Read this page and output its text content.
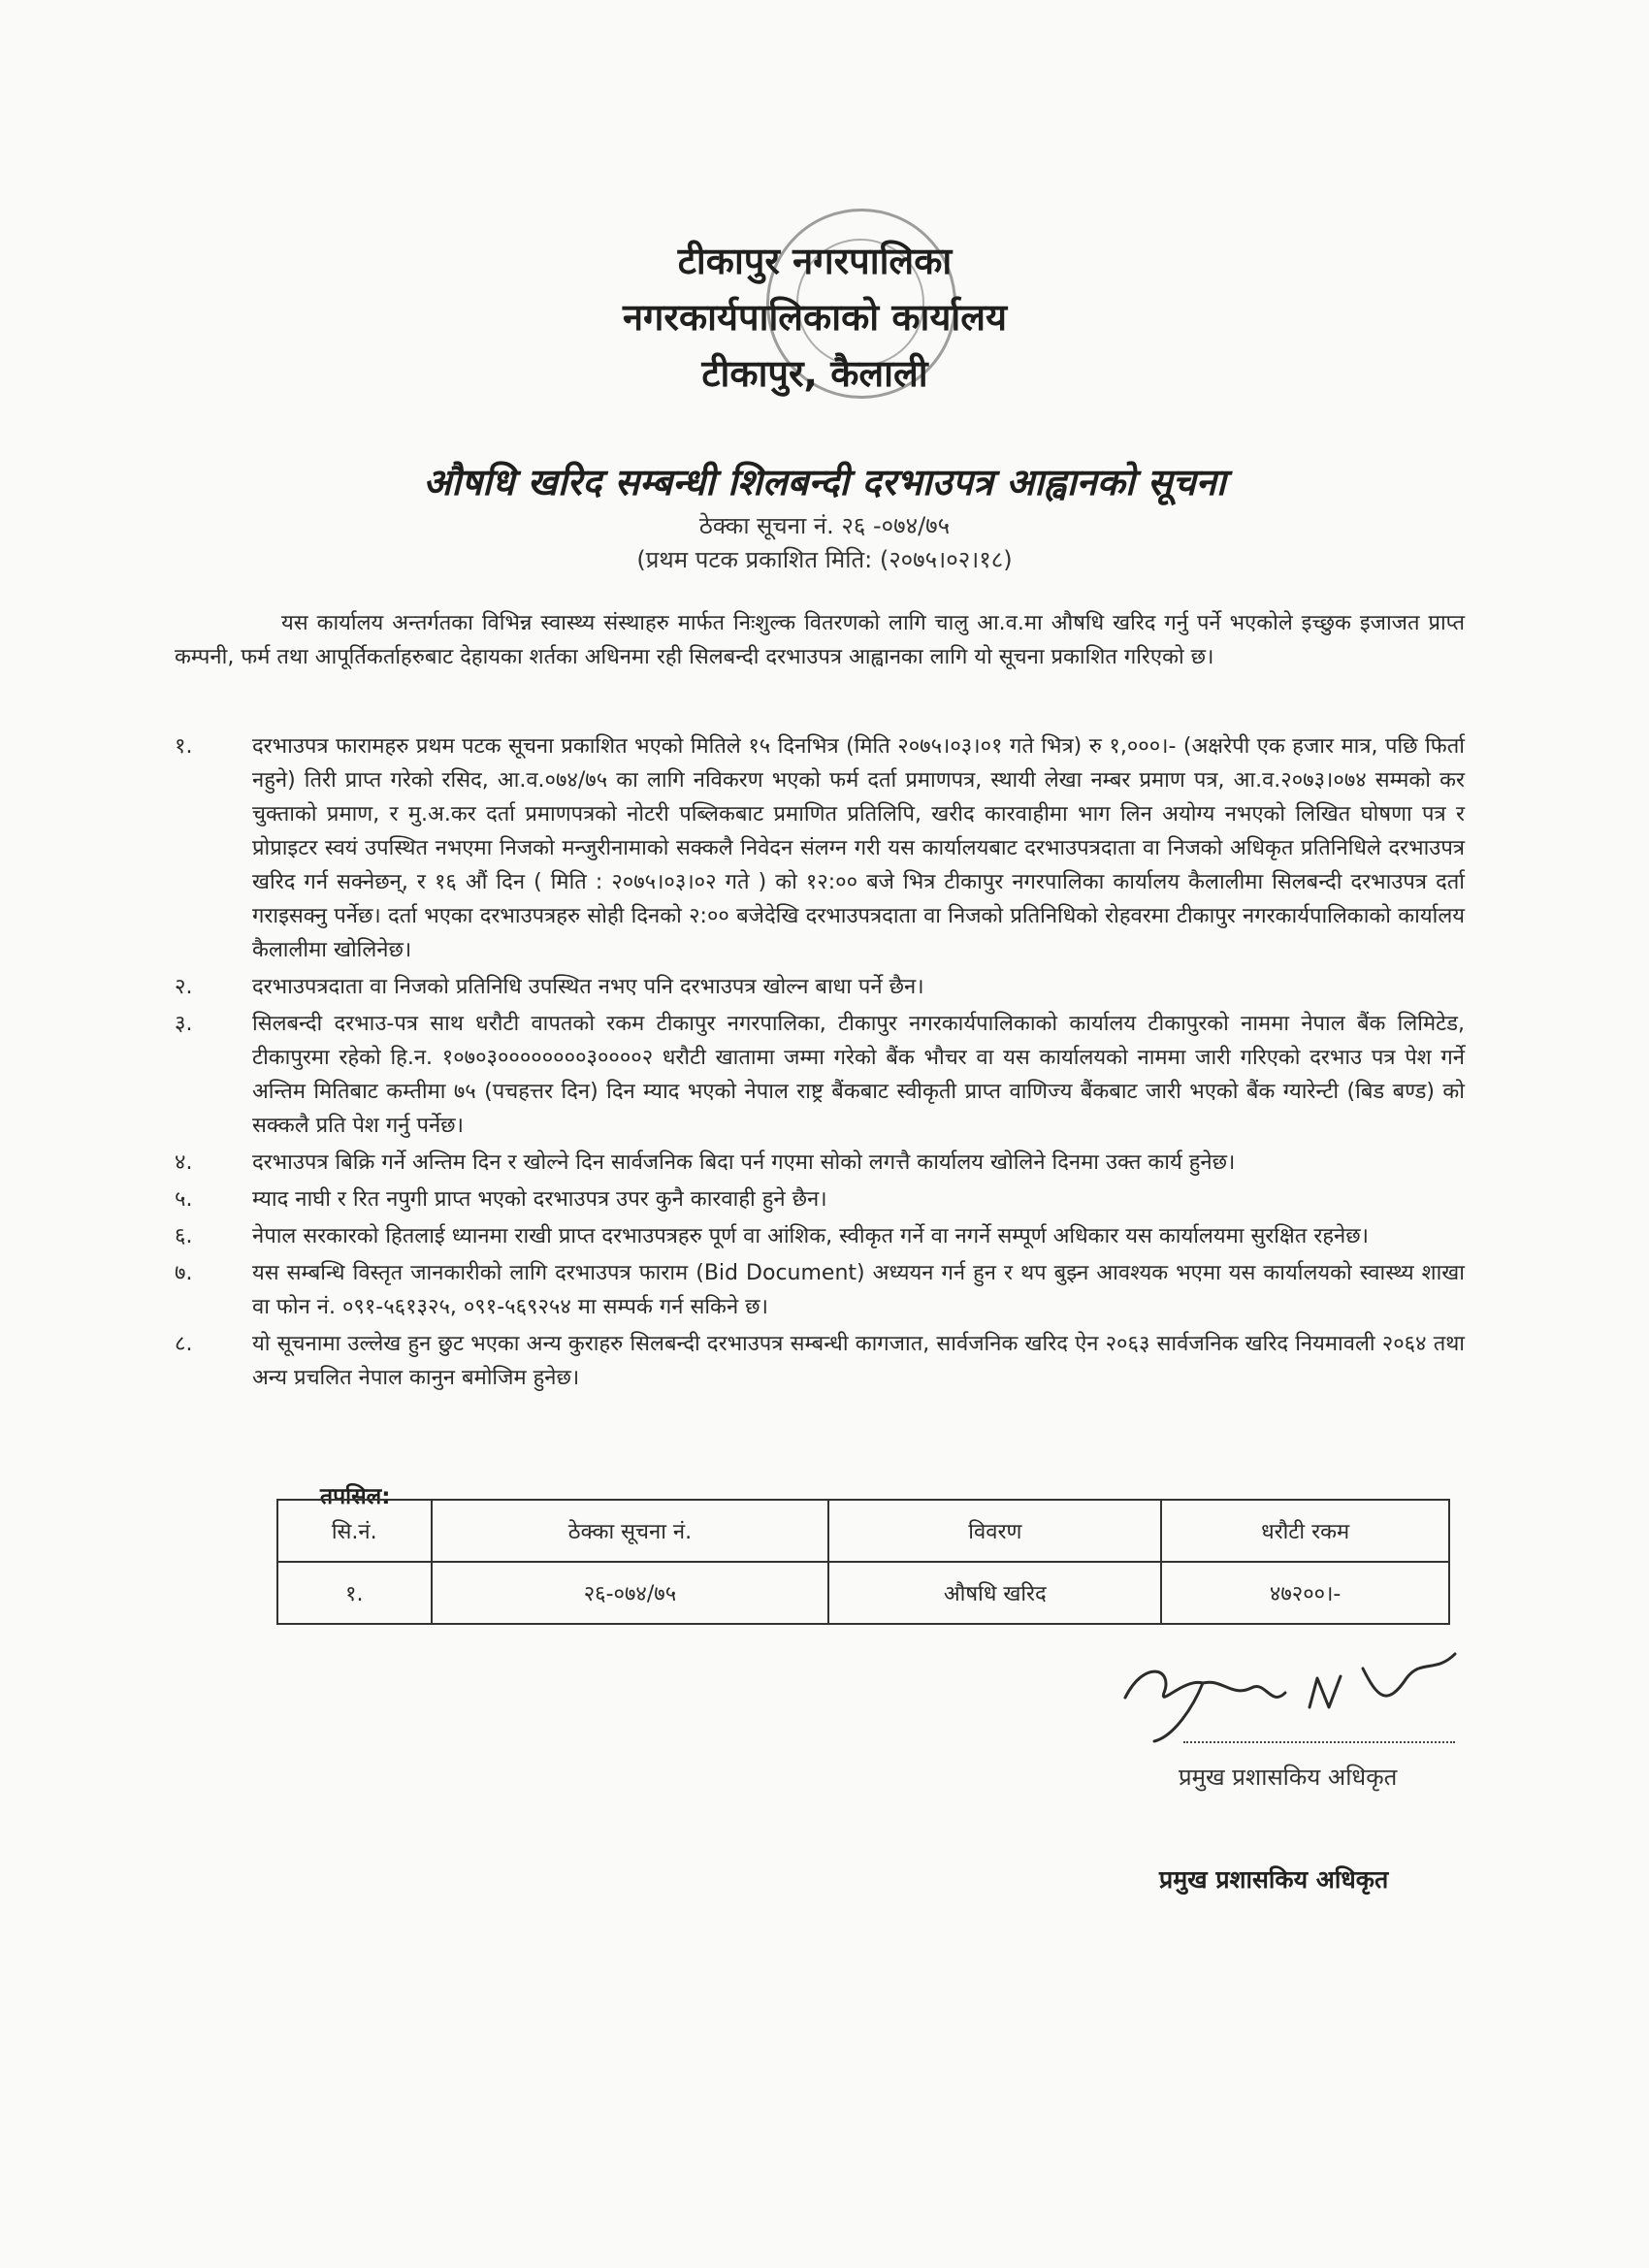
टीकापुर नगरपालिका
नगरकार्यपालिकाको कार्यालय
टीकापुर, कैलाली
औषधि खरिद सम्बन्धी शिलबन्दी दरभाउपत्र आह्वानको सूचना
ठेक्का सूचना नं. २६ -०७४/७५
(प्रथम पटक प्रकाशित मिति: (२०७५।०२।१८)
यस कार्यालय अन्तर्गतका विभिन्न स्वास्थ्य संस्थाहरु मार्फत निःशुल्क वितरणको लागि चालु आ.व.मा औषधि खरिद गर्नु पर्ने भएकोले इच्छुक इजाजत प्राप्त कम्पनी, फर्म तथा आपूर्तिकर्ताहरुबाट देहायका शर्तका अधिनमा रही सिलबन्दी दरभाउपत्र आह्वानका लागि यो सूचना प्रकाशित गरिएको छ।
१.	दरभाउपत्र फारामहरु प्रथम पटक सूचना प्रकाशित भएको मितिले १५ दिनभित्र (मिति २०७५।०३।०१ गते भित्र) रु १,०००।- (अक्षरेपी एक हजार मात्र, पछि फिर्ता नहुने) तिरी प्राप्त गरेको रसिद, आ.व.०७४/७५ का लागि नविकरण भएको फर्म दर्ता प्रमाणपत्र, स्थायी लेखा नम्बर प्रमाण पत्र, आ.व.२०७३।०७४ सम्मको कर चुक्ताको प्रमाण, र मु.अ.कर दर्ता प्रमाणपत्रको नोटरी पब्लिकबाट प्रमाणित प्रतिलिपि, खरीद कारवाहीमा भाग लिन अयोग्य नभएको लिखित घोषणा पत्र र प्रोप्राइटर स्वयं उपस्थित नभएमा निजको मन्जुरीनामाको सक्कलै निवेदन संलग्न गरी यस कार्यालयबाट दरभाउपत्रदाता वा निजको अधिकृत प्रतिनिधिले दरभाउपत्र खरिद गर्न सक्नेछन्, र १६ औं दिन ( मिति : २०७५।०३।०२ गते ) को १२:०० बजे भित्र टीकापुर नगरपालिका कार्यालय कैलालीमा सिलबन्दी दरभाउपत्र दर्ता गराइसक्नु पर्नेछ। दर्ता भएका दरभाउपत्रहरु सोही दिनको २:०० बजेदेखि दरभाउपत्रदाता वा निजको प्रतिनिधिको रोहवरमा टीकापुर नगरकार्यपालिकाको कार्यालय कैलालीमा खोलिनेछ।
२.	दरभाउपत्रदाता वा निजको प्रतिनिधि उपस्थित नभए पनि दरभाउपत्र खोल्न बाधा पर्ने छैन।
३.	सिलबन्दी दरभाउ-पत्र साथ धरौटी वापतको रकम टीकापुर नगरपालिका, टीकापुर नगरकार्यपालिकाको कार्यालय टीकापुरको नाममा नेपाल बैंक लिमिटेड, टीकापुरमा रहेको हि.न. १०७०३००००००००३००००२ धरौटी खातामा जम्मा गरेको बैंक भौचर वा यस कार्यालयको नाममा जारी गरिएको दरभाउ पत्र पेश गर्ने अन्तिम मितिबाट कम्तीमा ७५ (पचहत्तर दिन) दिन म्याद भएको नेपाल राष्ट्र बैंकबाट स्वीकृती प्राप्त वाणिज्य बैंकबाट जारी भएको बैंक ग्यारेन्टी (बिड बण्ड) को सक्कलै प्रति पेश गर्नु पर्नेछ।
४.	दरभाउपत्र बिक्रि गर्ने अन्तिम दिन र खोल्ने दिन सार्वजनिक बिदा पर्न गएमा सोको लगत्तै कार्यालय खोलिने दिनमा उक्त कार्य हुनेछ।
५.	म्याद नाघी र रित नपुगी प्राप्त भएको दरभाउपत्र उपर कुनै कारवाही हुने छैन।
६.	नेपाल सरकारको हितलाई ध्यानमा राखी प्राप्त दरभाउपत्रहरु पूर्ण वा आंशिक, स्वीकृत गर्ने वा नगर्ने सम्पूर्ण अधिकार यस कार्यालयमा सुरक्षित रहनेछ।
७.	यस सम्बन्धि विस्तृत जानकारीको लागि दरभाउपत्र फाराम (Bid Document) अध्ययन गर्न हुन र थप बुझ्न आवश्यक भएमा यस कार्यालयको स्वास्थ्य शाखा वा फोन नं. ०९१-५६१३२५, ०९१-५६९२५४ मा सम्पर्क गर्न सकिने छ।
८.	यो सूचनामा उल्लेख हुन छुट भएका अन्य कुराहरु सिलबन्दी दरभाउपत्र सम्बन्धी कागजात, सार्वजनिक खरिद ऐन २०६३ सार्वजनिक खरिद नियमावली २०६४ तथा अन्य प्रचलित नेपाल कानुन बमोजिम हुनेछ।
तपसिल:
सि.नं.	ठेक्का सूचना नं.	विवरण	धरौटी रकम
१.	२६-०७४/७५	औषधि खरिद	४७२००।-
प्रमुख प्रशासकिय अधिकृत
प्रमुख प्रशासकिय अधिकृत
